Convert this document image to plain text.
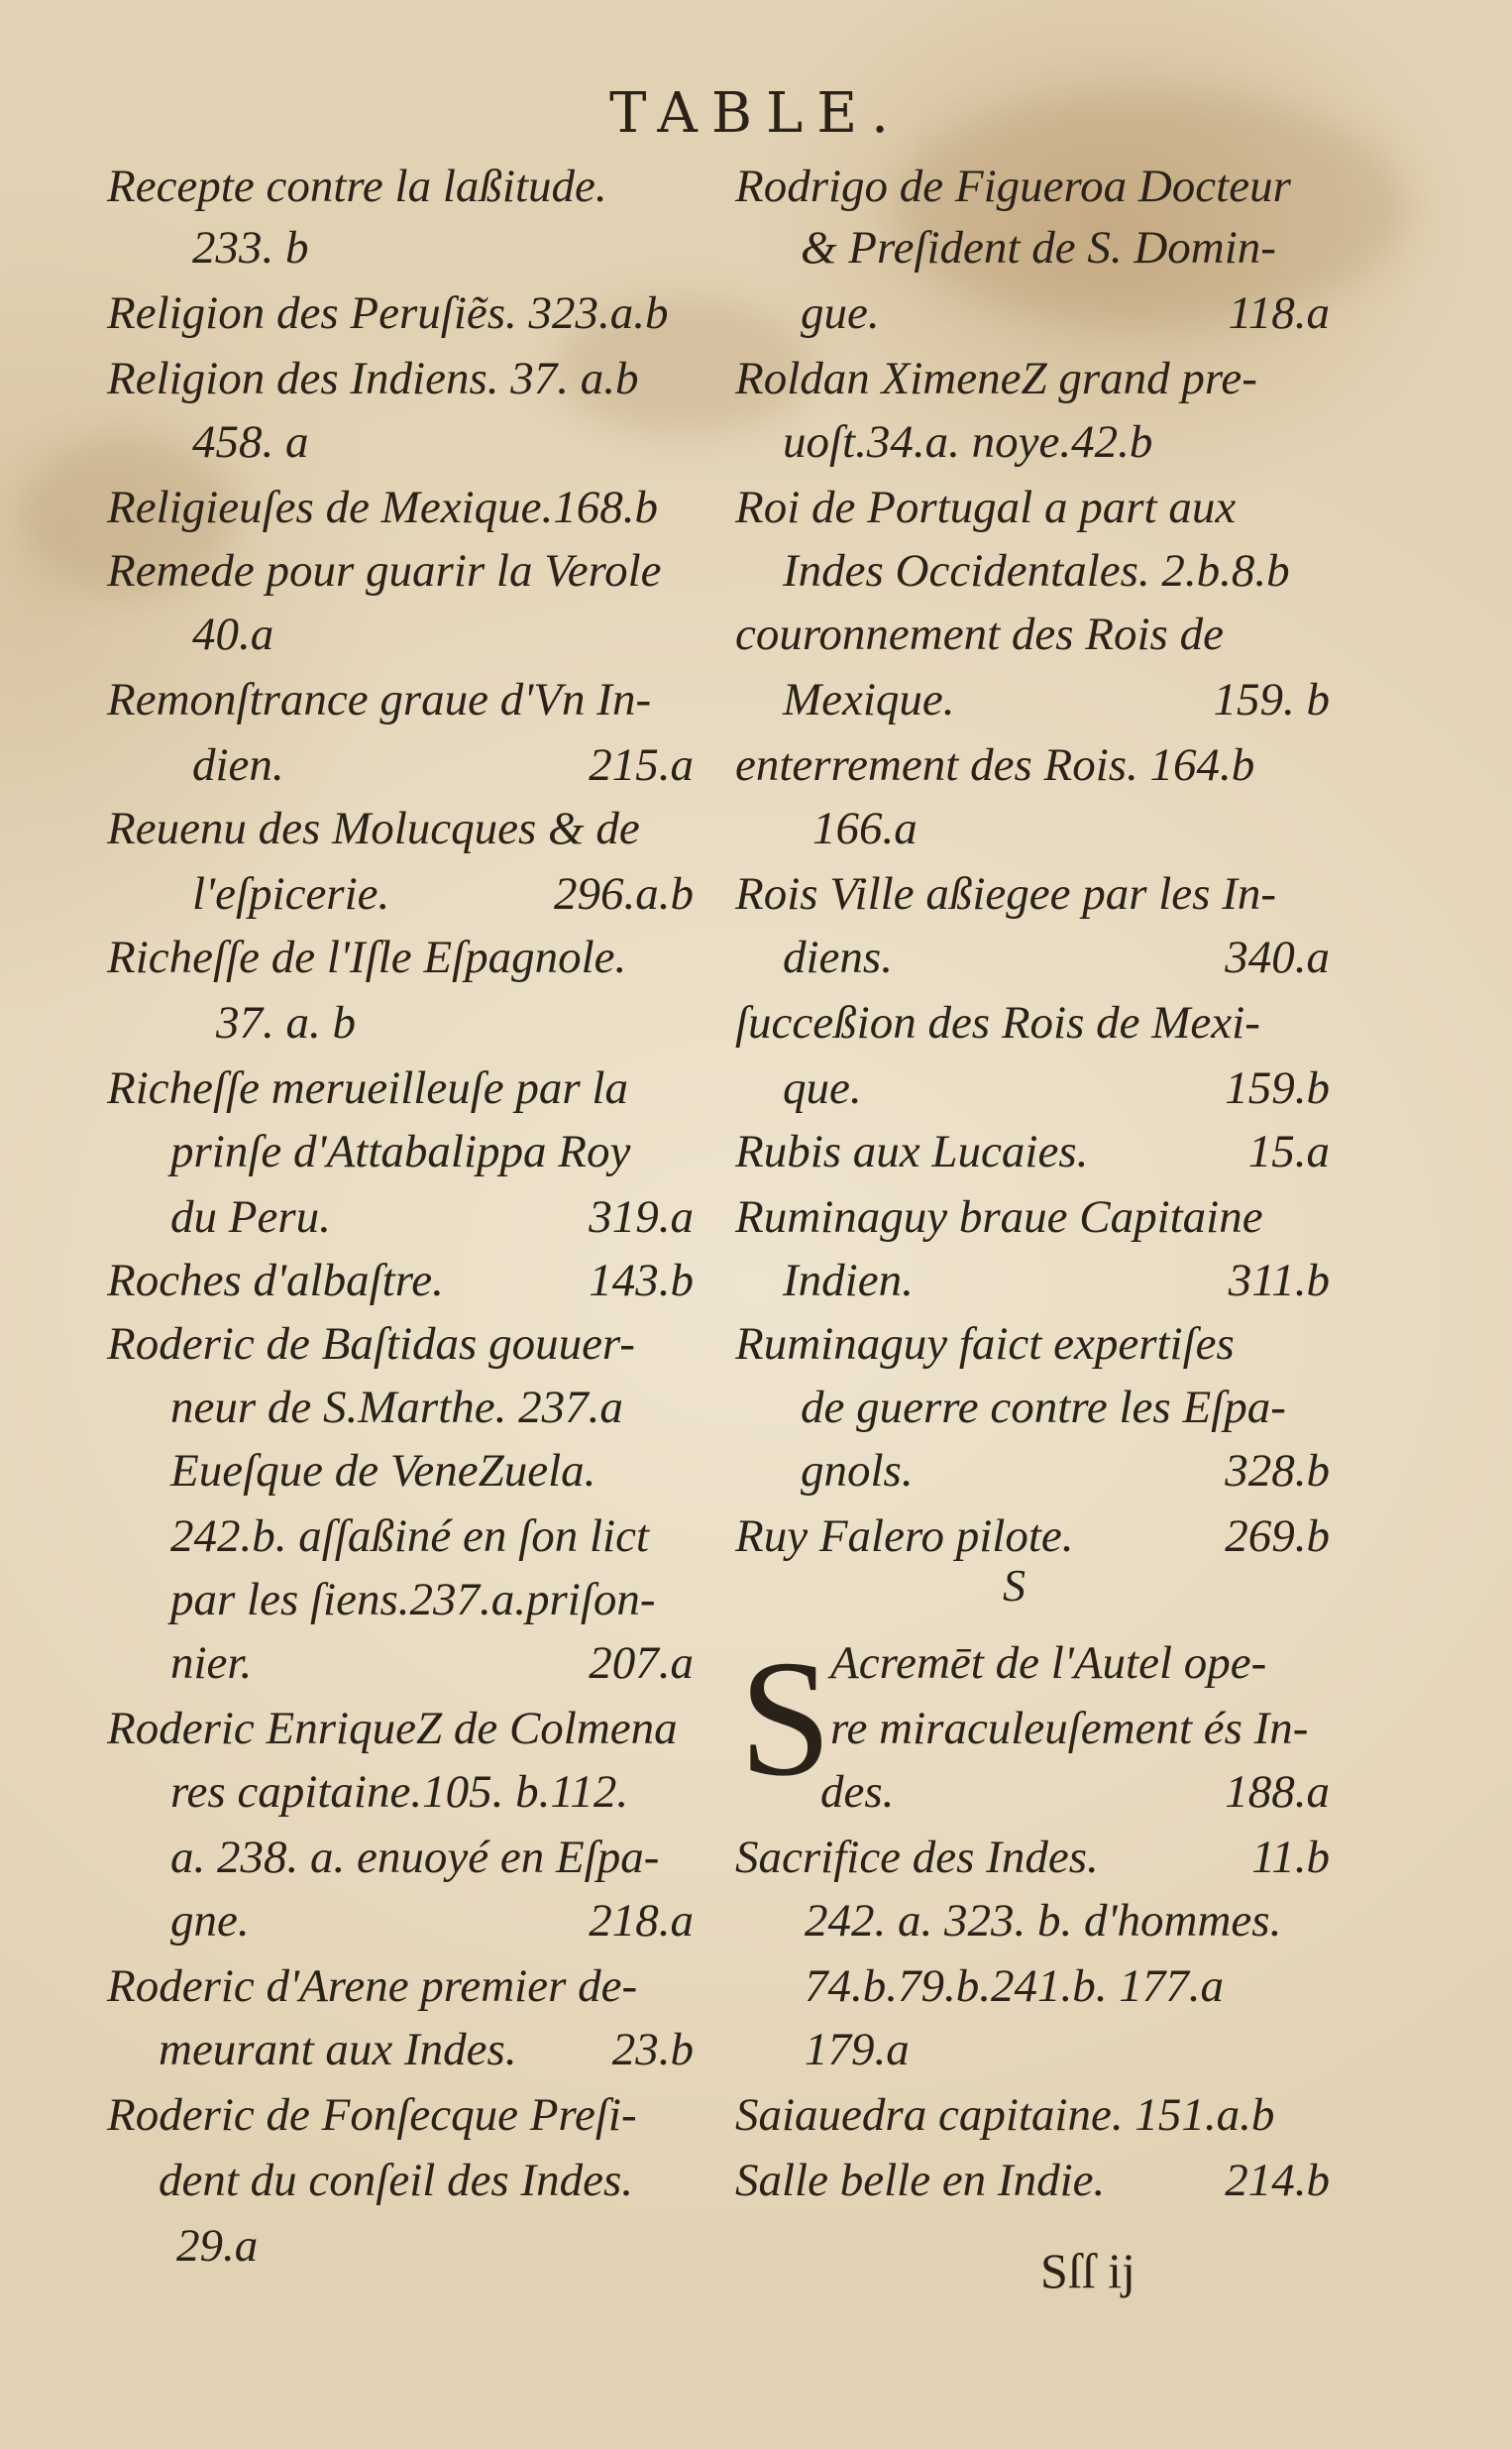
TABLE.
Recepte contre la laßitude.
233. b
Religion des Peruſiẽs. 323.a.b
Religion des Indiens. 37. a.b
458. a
Religieuſes de Mexique.168.b
Remede pour guarir la Verole
40.a
Remonſtrance graue d'Vn In-
dien.	215.a
Reuenu des Molucques & de
l'eſpicerie.	296.a.b
Richeſſe de l'Iſle Eſpagnole.
37. a. b
Richeſſe merueilleuſe par la
prinſe d'Attabalippa Roy
du Peru.	319.a
Roches d'albaſtre.	143.b
Roderic de Baſtidas gouuer-
neur de S.Marthe. 237.a
Eueſque de VeneZuela.
242.b. aſſaßiné en ſon lict
par les ſiens.237.a.priſon-
nier.	207.a
Roderic EnriqueZ de Colmena
res capitaine.105. b.112.
a. 238. a. enuoyé en Eſpa-
gne.	218.a
Roderic d'Arene premier de-
meurant aux Indes. 23.b
Roderic de Fonſecque Preſi-
dent du conſeil des Indes.
29.a
S
S
Rodrigo de Figueroa Docteur
& Preſident de S. Domin-
gue.	118.a
Roldan XimeneZ grand pre-
uoſt.34.a. noye.42.b
Roi de Portugal a part aux
Indes Occidentales. 2.b.8.b
couronnement des Rois de
Mexique.	159. b
enterrement des Rois. 164.b
166.a
Rois Ville aßiegee par les In-
diens.	340.a
ſucceßion des Rois de Mexi-
que.	159.b
Rubis aux Lucaies.	15.a
Ruminaguy braue Capitaine
Indien.	311.b
Ruminaguy faict expertiſes
de guerre contre les Eſpa-
gnols.	328.b
Ruy Falero pilote.	269.b
Acremēt de l'Autel ope-
re miraculeuſement és In-
des.	188.a
Sacrifice des Indes.	11.b
242. a. 323. b. d'hommes.
74.b.79.b.241.b. 177.a
179.a
Saiauedra capitaine. 151.a.b
Salle belle en Indie.	214.b
Sſſ ij
